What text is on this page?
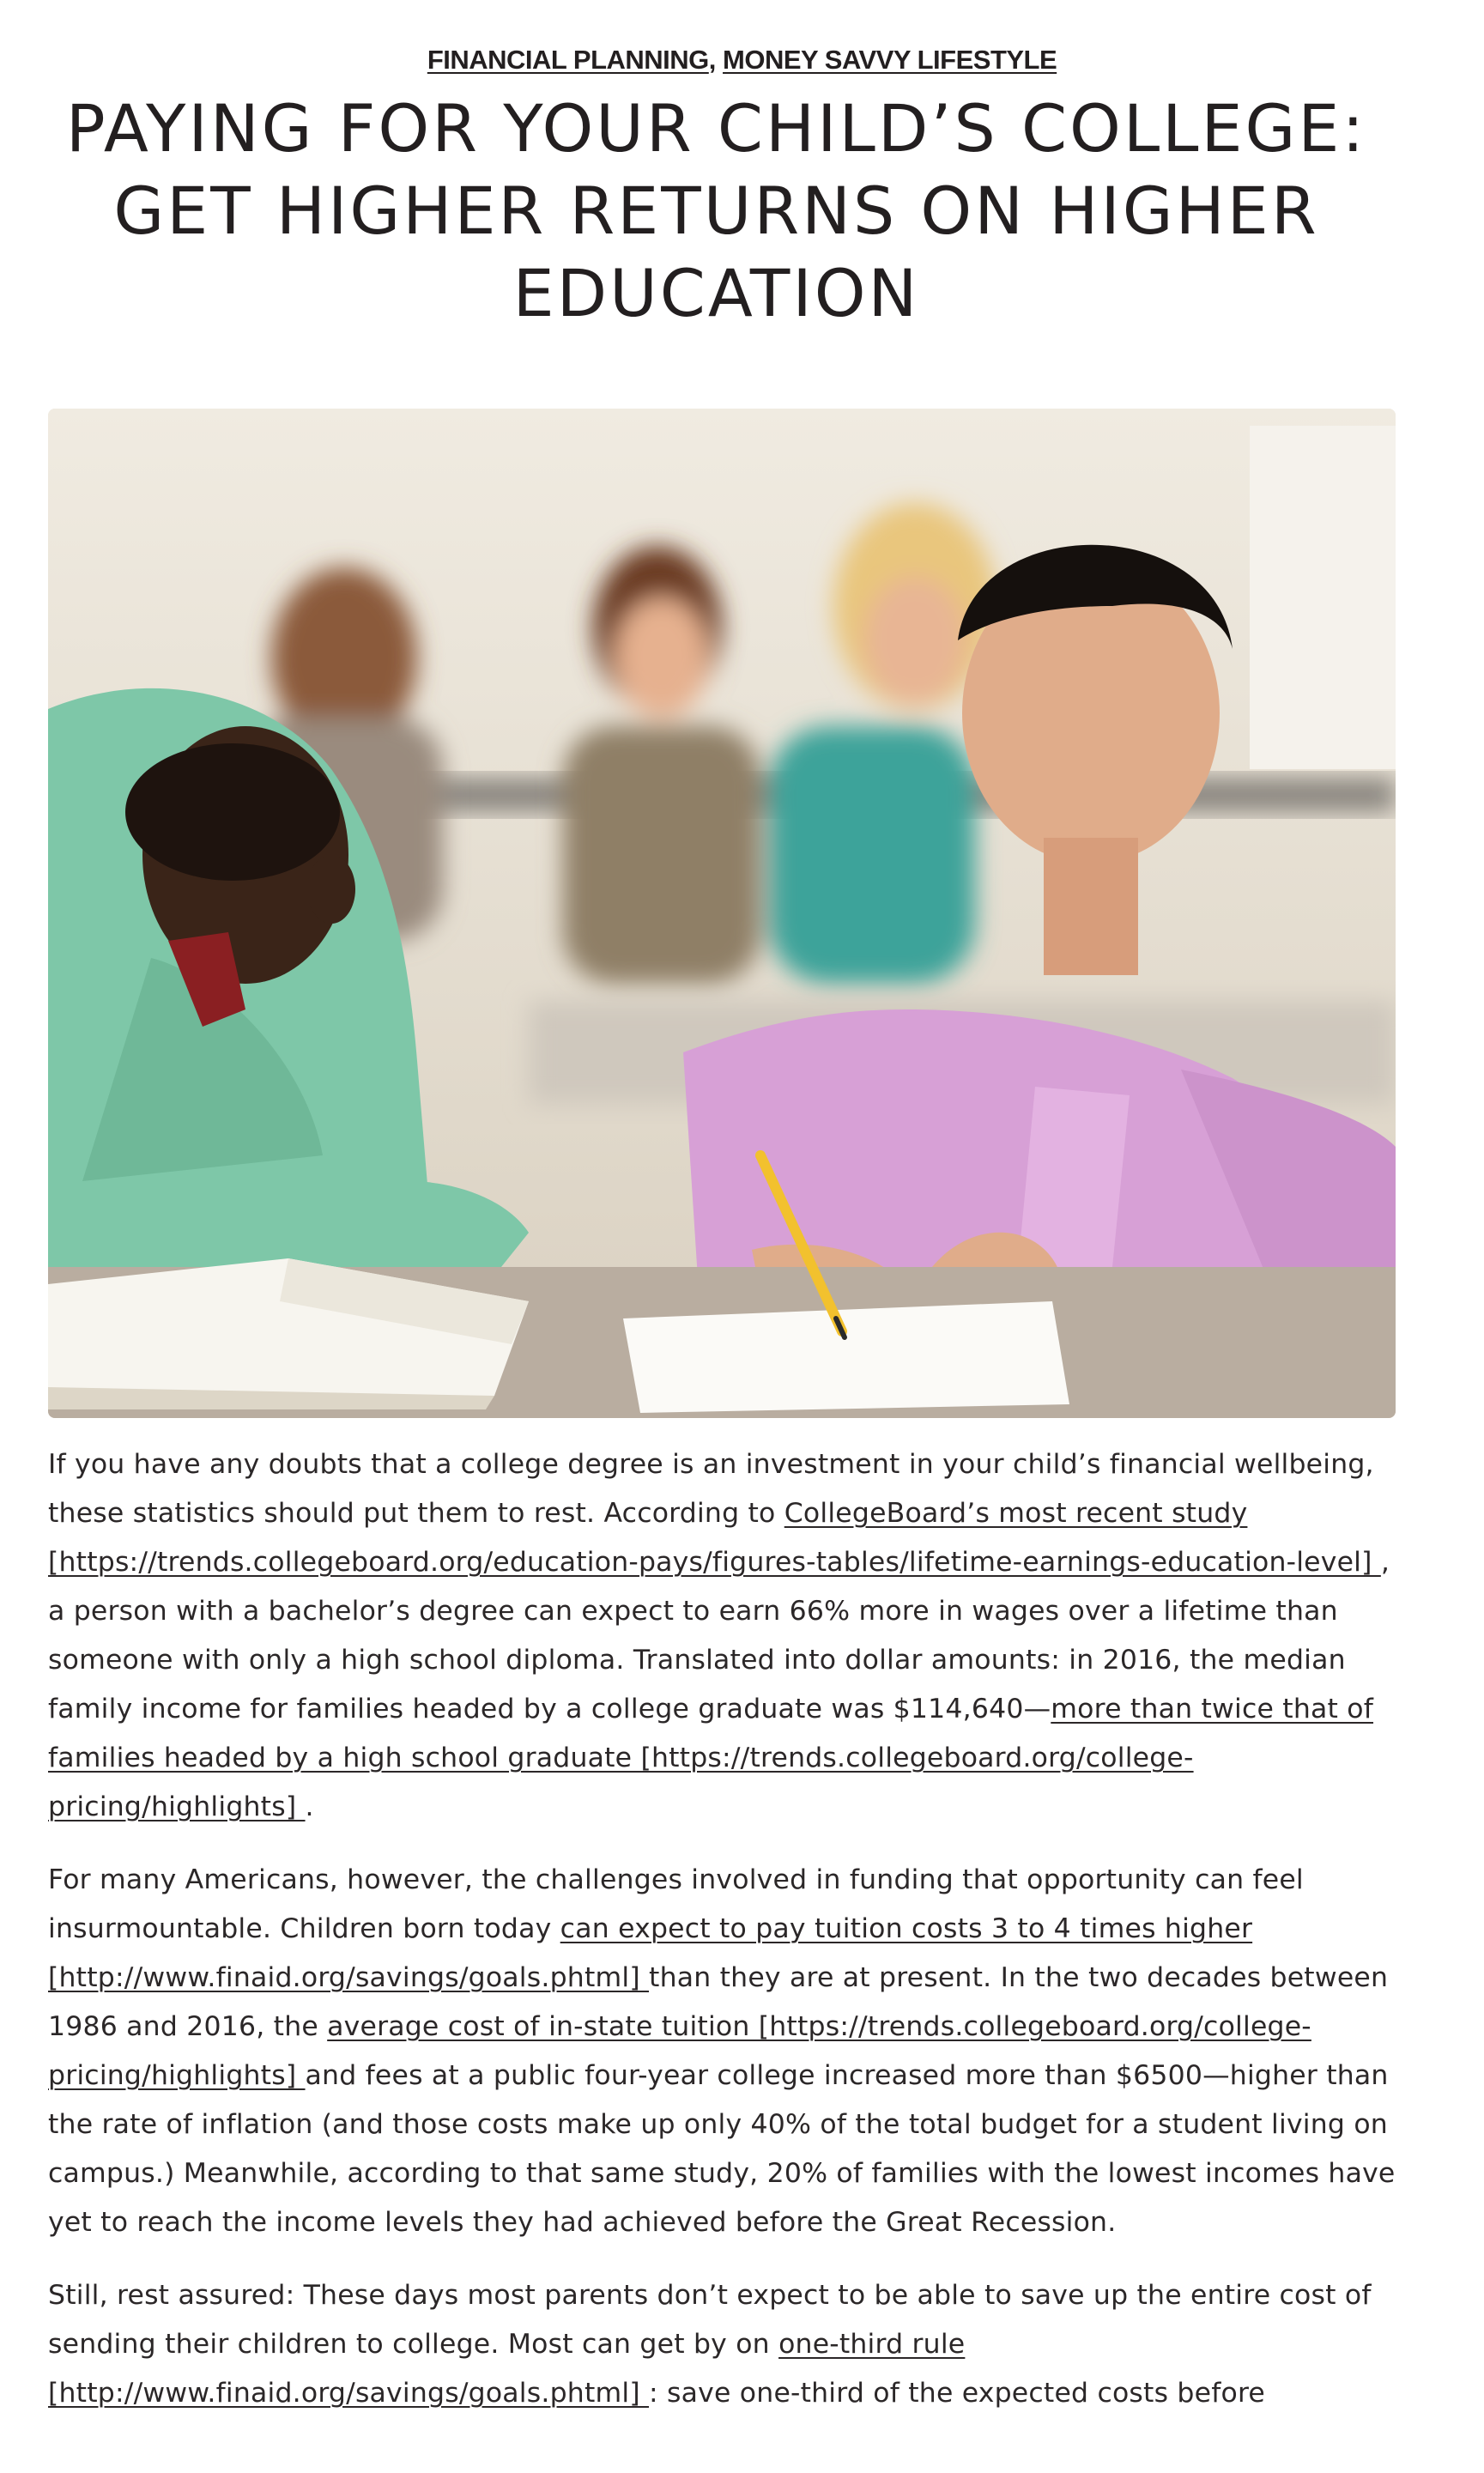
FINANCIAL PLANNING, MONEY SAVVY LIFESTYLE
PAYING FOR YOUR CHILD’S COLLEGE: GET HIGHER RETURNS ON HIGHER EDUCATION

If you have any doubts that a college degree is an investment in your child’s financial wellbeing, these statistics should put them to rest. According to CollegeBoard’s most recent study [https://trends.collegeboard.org/education-pays/figures-tables/lifetime-earnings-education-level] , a person with a bachelor’s degree can expect to earn 66% more in wages over a lifetime than someone with only a high school diploma. Translated into dollar amounts: in 2016, the median family income for families headed by a college graduate was $114,640—more than twice that of families headed by a high school graduate [https://trends.collegeboard.org/college-pricing/highlights] .

For many Americans, however, the challenges involved in funding that opportunity can feel insurmountable. Children born today can expect to pay tuition costs 3 to 4 times higher [http://www.finaid.org/savings/goals.phtml] than they are at present. In the two decades between 1986 and 2016, the average cost of in-state tuition [https://trends.collegeboard.org/college-pricing/highlights] and fees at a public four-year college increased more than $6500—higher than the rate of inflation (and those costs make up only 40% of the total budget for a student living on campus.) Meanwhile, according to that same study, 20% of families with the lowest incomes have yet to reach the income levels they had achieved before the Great Recession.

Still, rest assured: These days most parents don’t expect to be able to save up the entire cost of sending their children to college. Most can get by on one-third rule [http://www.finaid.org/savings/goals.phtml] : save one-third of the expected costs before
